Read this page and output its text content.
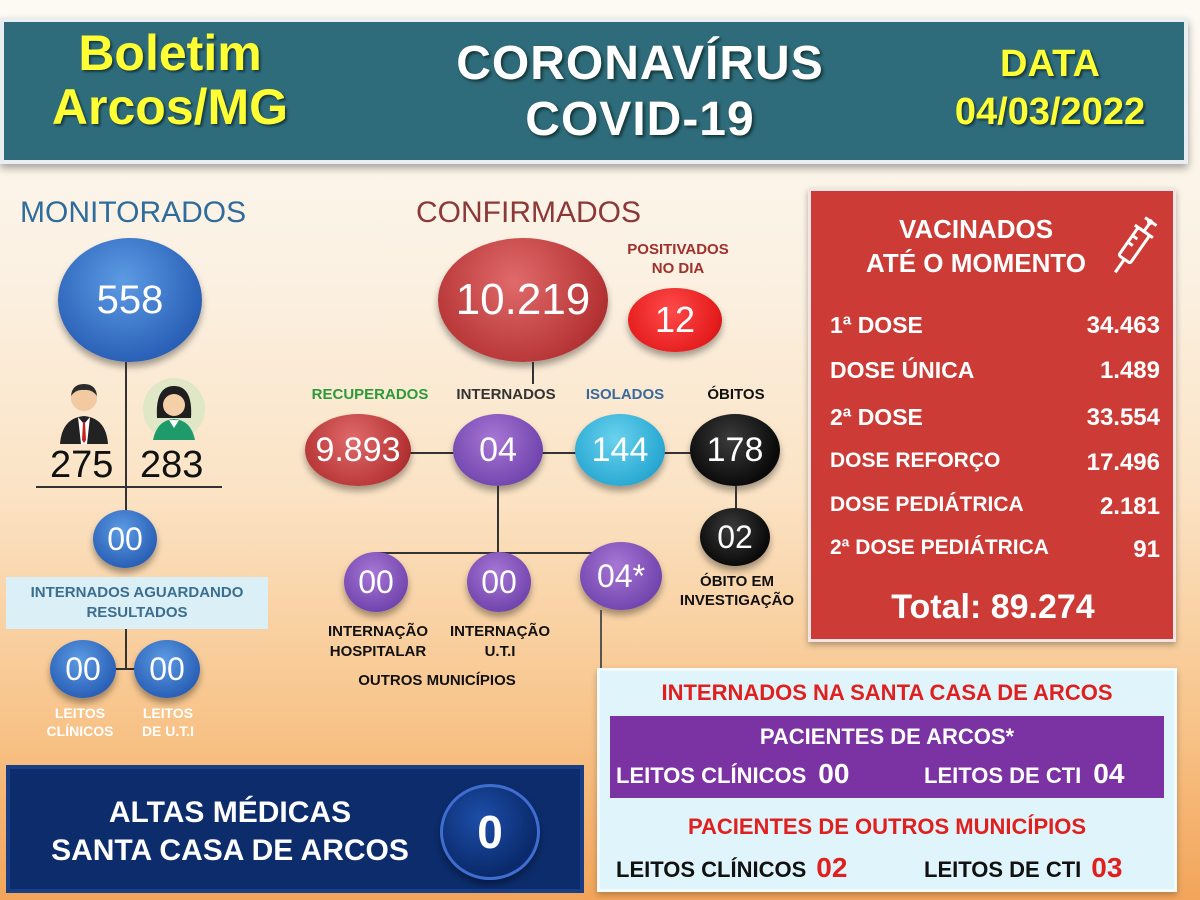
Boletim
Arcos/MG
CORONAVÍRUS
COVID-19
DATA
04/03/2022
MONITORADOS
558
275 283
00
INTERNADOS AGUARDANDO RESULTADOS
00	00
LEITOS
CLÍNICOS
LEITOS
DE U.T.I
CONFIRMADOS
10.219
POSITIVADOS
NO DIA
12
RECUPERADOS	INTERNADOS	ISOLADOS	ÓBITOS
9.893	04	144	178
02
ÓBITO EM
INVESTIGAÇÃO
00	00	04*
INTERNAÇÃO
HOSPITALAR
INTERNAÇÃO
U.T.I
OUTROS MUNICÍPIOS
VACINADOS
ATÉ O MOMENTO
1ª DOSE	34.463
DOSE ÚNICA	1.489
2ª DOSE	33.554
DOSE REFORÇO	17.496
DOSE PEDIÁTRICA	2.181
2ª DOSE PEDIÁTRICA	91
Total: 89.274
INTERNADOS NA SANTA CASA DE ARCOS
PACIENTES DE ARCOS*
LEITOS CLÍNICOS 00	LEITOS DE CTI 04
PACIENTES DE OUTROS MUNICÍPIOS
LEITOS CLÍNICOS 02	LEITOS DE CTI 03
ALTAS MÉDICAS
SANTA CASA DE ARCOS	0
